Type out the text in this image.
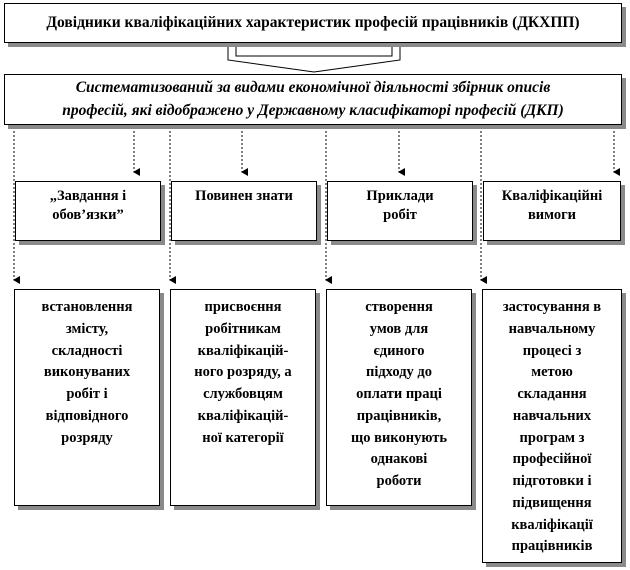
Довідники кваліфікаційних характеристик професій працівників (ДКХПП)
Систематизований за видами економічної діяльності збірник описів
професій, які відображено у Державному класифікаторі професій (ДКП)
„Завдання і
обов’язки”
Повинен знати	Приклади
робіт
Кваліфікаційні
вимоги
встановлення
змісту,
складності
виконуваних
робіт і
відповідного
розряду
присвоєння
робітникам
кваліфікацій-
ного розряду, а
службовцям
кваліфікацій-
ної категорії
створення
умов для
єдиного
підходу до
оплати праці
працівників,
що виконують
однакові
роботи
застосування в
навчальному
процесі з
метою
складання
навчальних
програм з
професійної
підготовки і
підвищення
кваліфікації
працівників
